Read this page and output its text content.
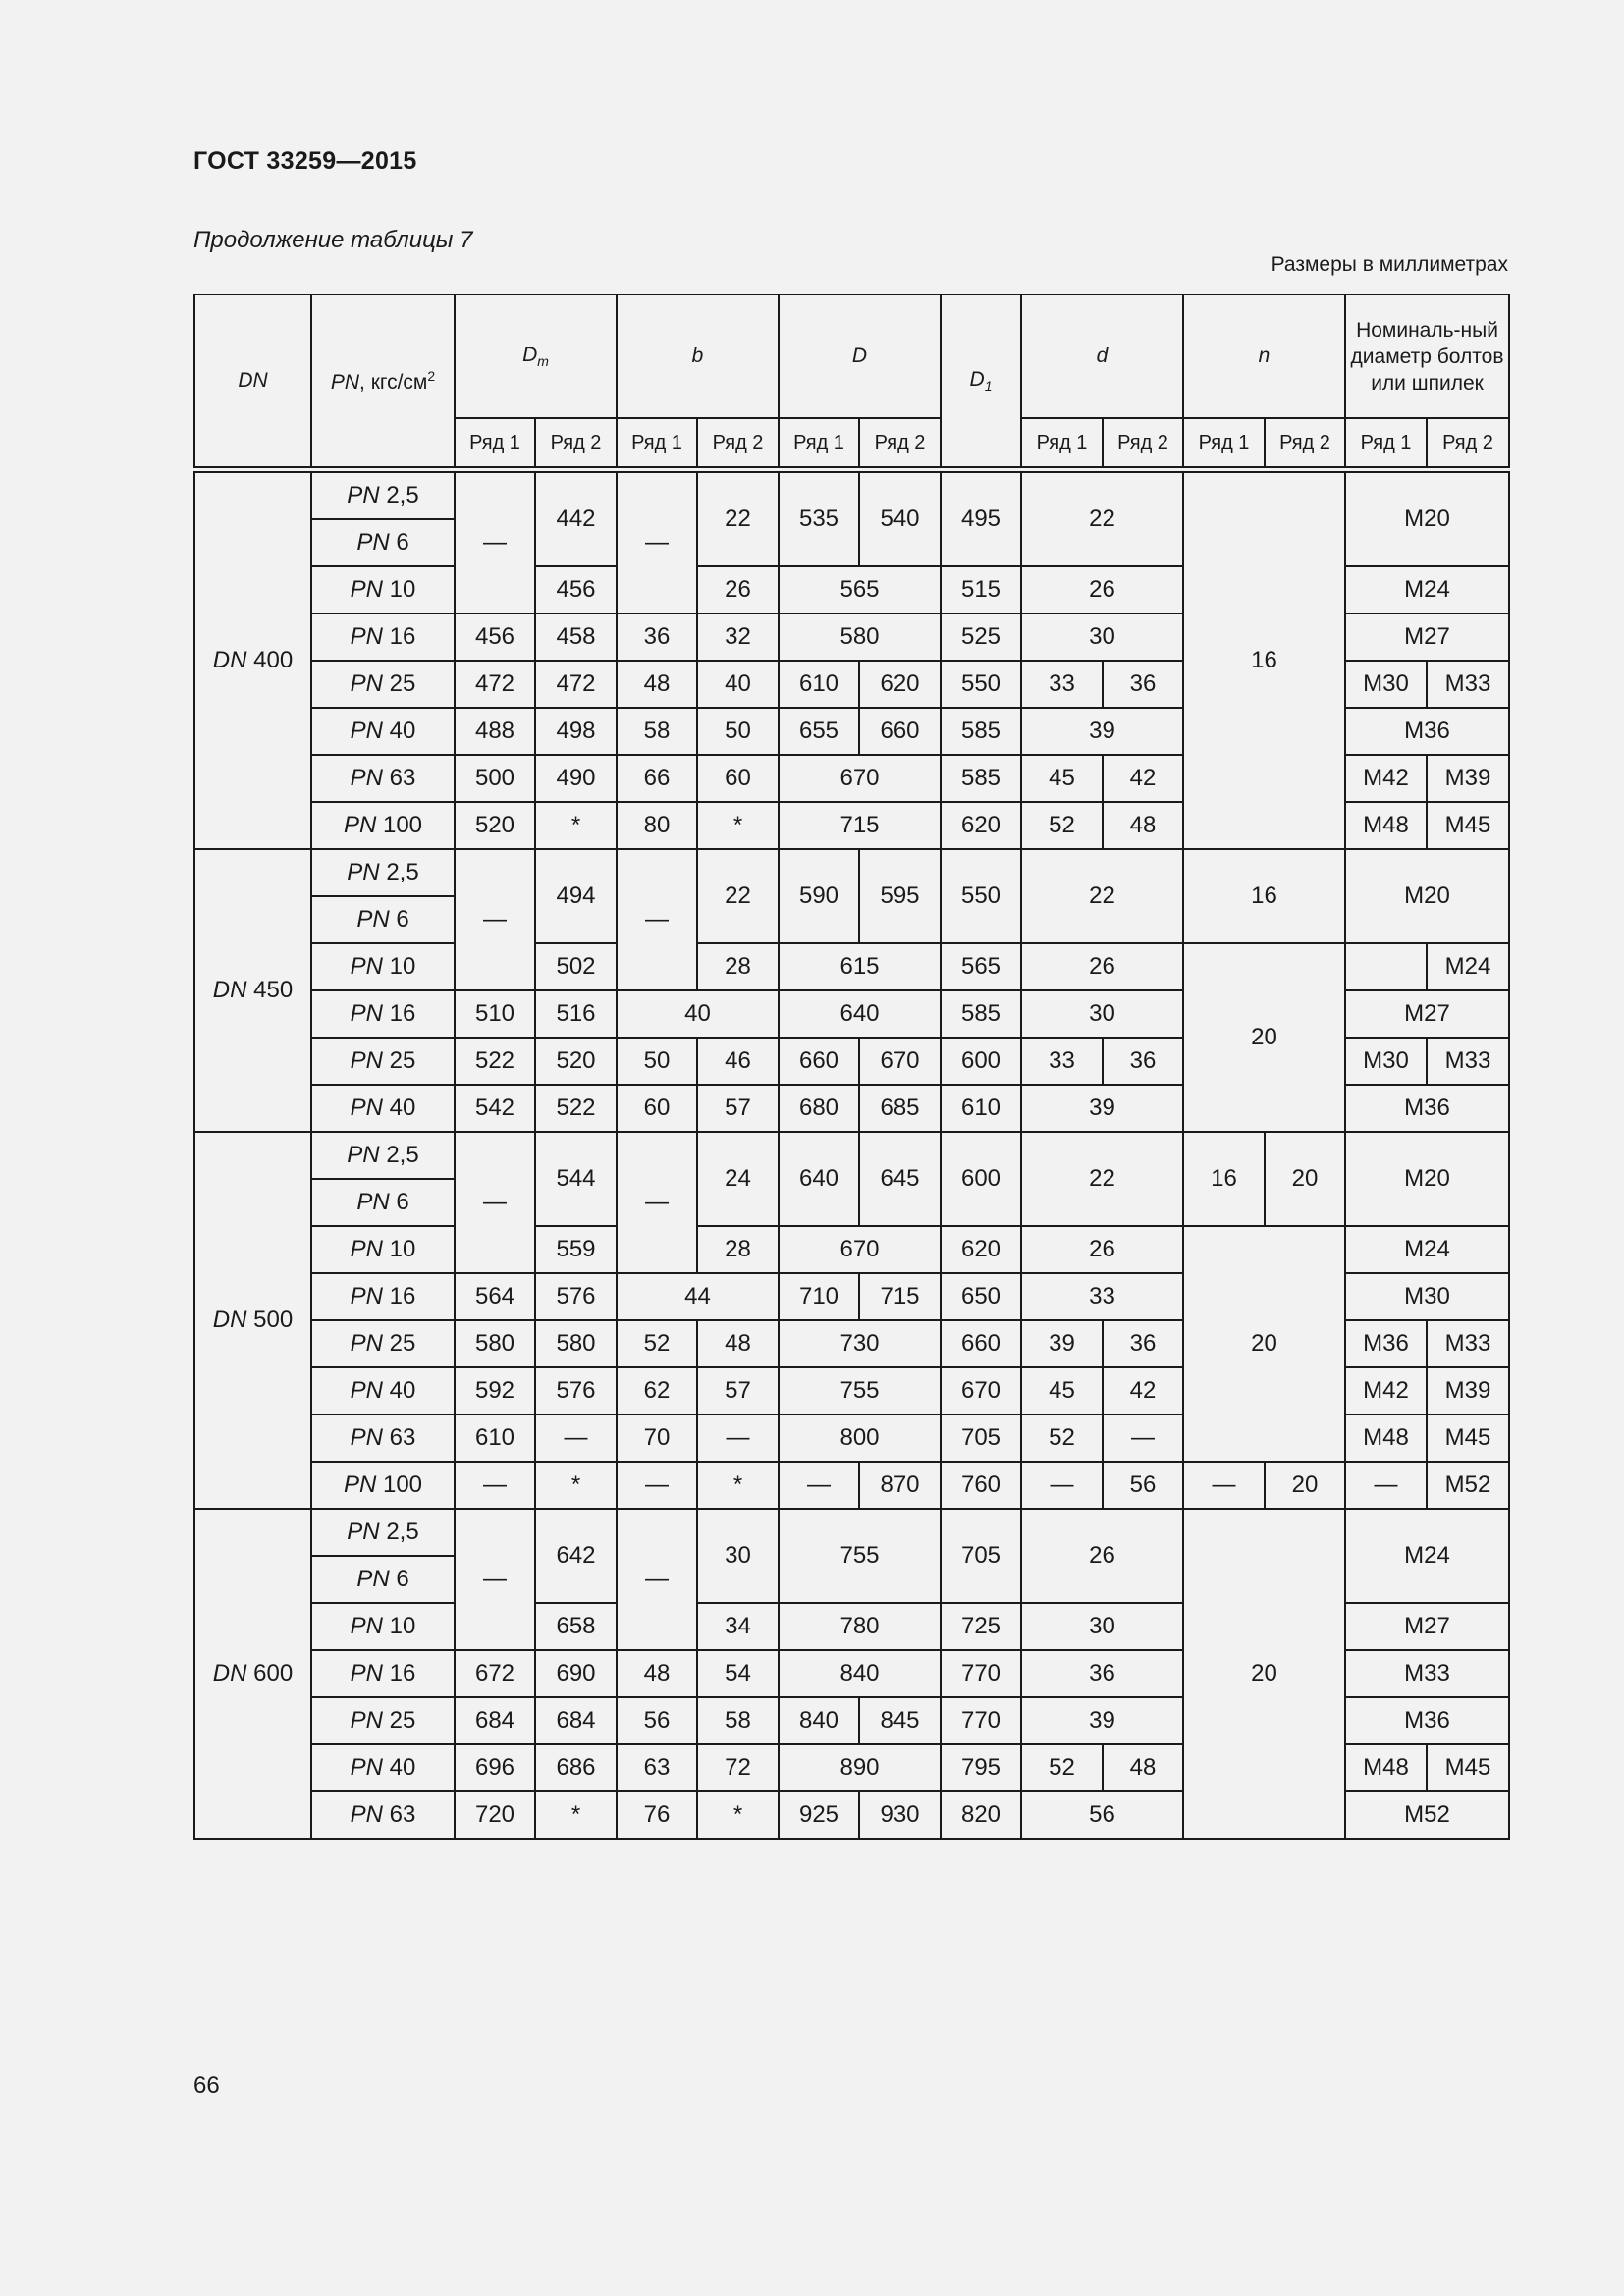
ГОСТ 33259—2015
Продолжение таблицы 7
Размеры в миллиметрах
DN	PN, кгс/$см^2$	$D_m$		b		D		$D_1$	d		n		Номиналь-ный диаметр болтов или шпилек	
		Ряд 1	Ряд 2	Ряд 1	Ряд 2	Ряд 1	Ряд 2		Ряд 1	Ряд 2	Ряд 1	Ряд 2	Ряд 1	Ряд 2

DN 400	PN 2,5	—	442	—	22	535	540	495	22		16		M20	
	PN 6													
	PN 10		456		26	565		515	26				M24	
	PN 16	456	458	36	32	580		525	30				M27	
	PN 25	472	472	48	40	610	620	550	33	36			M30	M33
	PN 40	488	498	58	50	655	660	585	39				M36	
	PN 63	500	490	66	60	670		585	45	42			M42	M39
	PN 100	520	*	80	*	715		620	52	48			M48	M45
DN 450	PN 2,5	—	494	—	22	590	595	550	22		16		M20	
	PN 6													
	PN 10		502		28	615		565	26		20			M24
	PN 16	510	516	40		640		585	30				M27	
	PN 25	522	520	50	46	660	670	600	33	36			M30	M33
	PN 40	542	522	60	57	680	685	610	39				M36	
DN 500	PN 2,5	—	544	—	24	640	645	600	22		16	20	M20	
	PN 6													
	PN 10		559		28	670		620	26		20		M24	
	PN 16	564	576	44		710	715	650	33				M30	
	PN 25	580	580	52	48	730		660	39	36			M36	M33
	PN 40	592	576	62	57	755		670	45	42			M42	M39
	PN 63	610	—	70	—	800		705	52	—			M48	M45
	PN 100	—	*	—	*	—	870	760	—	56	—	20	—	M52
DN 600	PN 2,5	—	642	—	30	755		705	26		20		M24	
	PN 6													
	PN 10		658		34	780		725	30				M27	
	PN 16	672	690	48	54	840		770	36				M33	
	PN 25	684	684	56	58	840	845	770	39				M36	
	PN 40	696	686	63	72	890		795	52	48			M48	M45
	PN 63	720	*	76	*	925	930	820	56				M52	
66
